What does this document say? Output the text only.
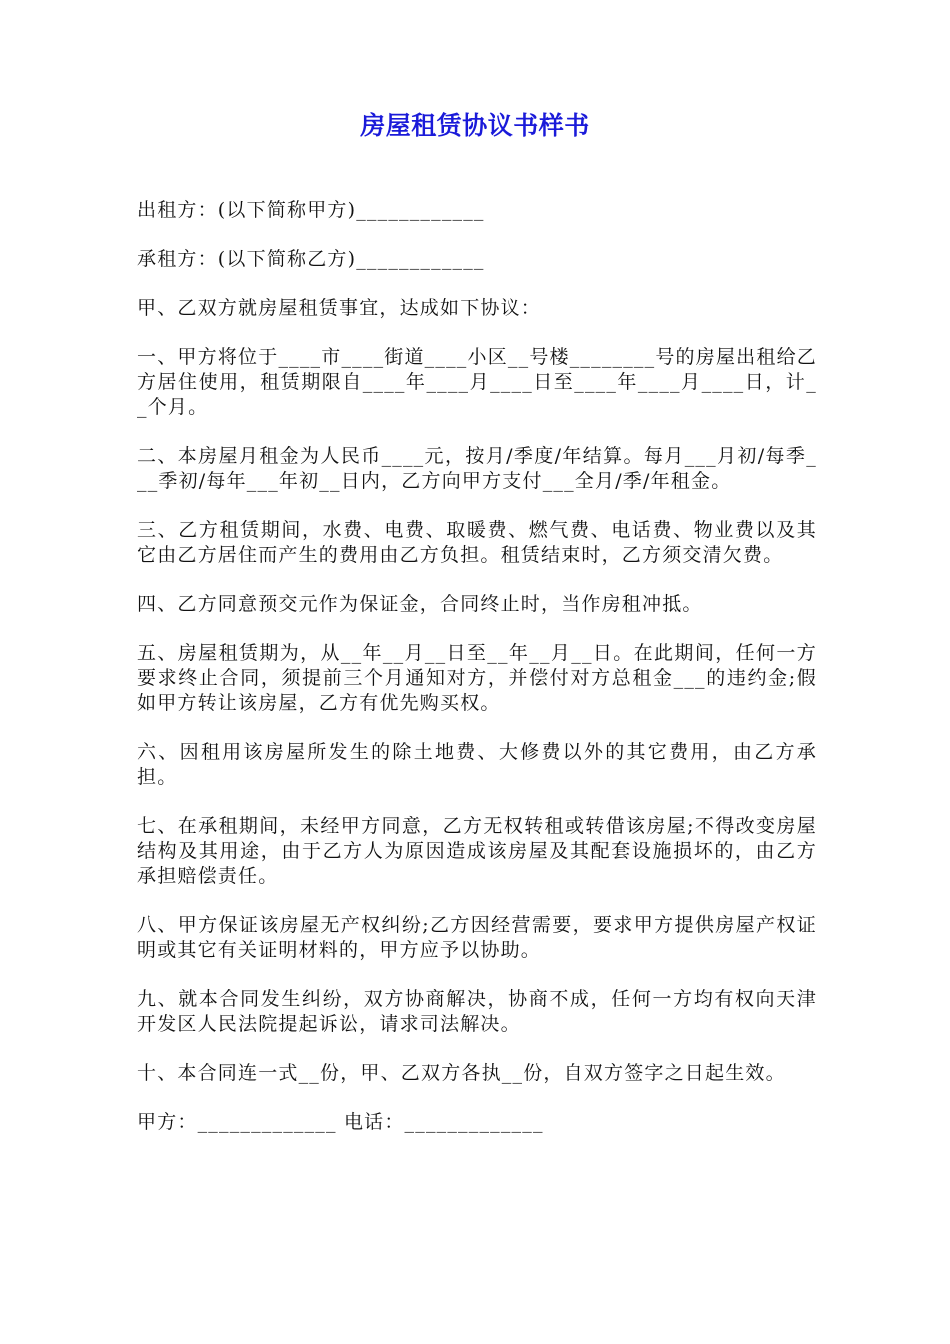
房屋租赁协议书样书

出租方：(以下简称甲方)____________

承租方：(以下简称乙方)____________

甲、乙双方就房屋租赁事宜，达成如下协议：

一、甲方将位于____市____街道____小区__号楼________号的房屋出租给乙方居住使用，租赁期限自____年____月____日至____年____月____日，计__个月。

二、本房屋月租金为人民币____元，按月/季度/年结算。每月___月初/每季___季初/每年___年初__日内，乙方向甲方支付___全月/季/年租金。

三、乙方租赁期间，水费、电费、取暖费、燃气费、电话费、物业费以及其它由乙方居住而产生的费用由乙方负担。租赁结束时，乙方须交清欠费。

四、乙方同意预交元作为保证金，合同终止时，当作房租冲抵。

五、房屋租赁期为，从__年__月__日至__年__月__日。在此期间，任何一方要求终止合同，须提前三个月通知对方，并偿付对方总租金___的违约金;假如甲方转让该房屋，乙方有优先购买权。

六、因租用该房屋所发生的除土地费、大修费以外的其它费用，由乙方承担。

七、在承租期间，未经甲方同意，乙方无权转租或转借该房屋;不得改变房屋结构及其用途，由于乙方人为原因造成该房屋及其配套设施损坏的，由乙方承担赔偿责任。

八、甲方保证该房屋无产权纠纷;乙方因经营需要，要求甲方提供房屋产权证明或其它有关证明材料的，甲方应予以协助。

九、就本合同发生纠纷，双方协商解决，协商不成，任何一方均有权向天津开发区人民法院提起诉讼，请求司法解决。

十、本合同连一式__份，甲、乙双方各执__份，自双方签字之日起生效。

甲方：_____________ 电话：_____________
